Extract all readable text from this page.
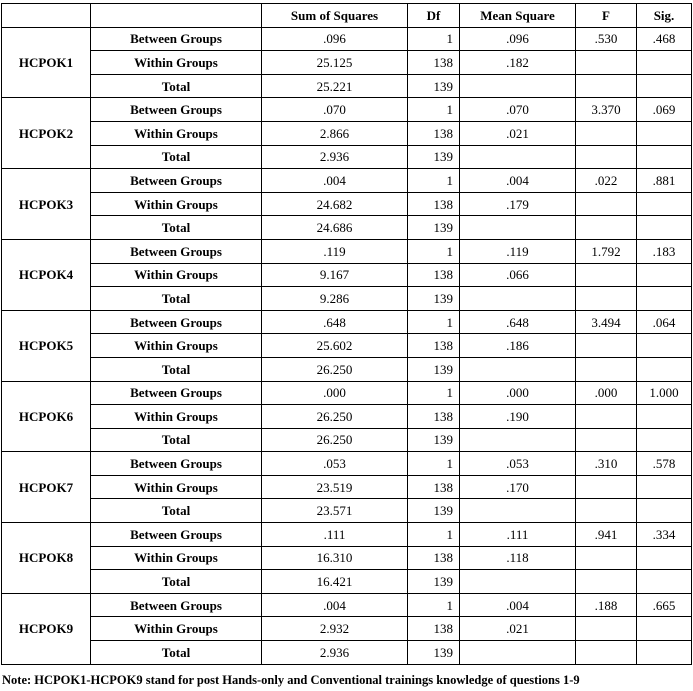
		Sum of Squares	Df	Mean Square	F	Sig.
HCPOK1	Between Groups	.096	1	.096	.530	.468
	Within Groups	25.125	138	.182		
	Total	25.221	139			
HCPOK2	Between Groups	.070	1	.070	3.370	.069
	Within Groups	2.866	138	.021		
	Total	2.936	139			
HCPOK3	Between Groups	.004	1	.004	.022	.881
	Within Groups	24.682	138	.179		
	Total	24.686	139			
HCPOK4	Between Groups	.119	1	.119	1.792	.183
	Within Groups	9.167	138	.066		
	Total	9.286	139			
HCPOK5	Between Groups	.648	1	.648	3.494	.064
	Within Groups	25.602	138	.186		
	Total	26.250	139			
HCPOK6	Between Groups	.000	1	.000	.000	1.000
	Within Groups	26.250	138	.190		
	Total	26.250	139			
HCPOK7	Between Groups	.053	1	.053	.310	.578
	Within Groups	23.519	138	.170		
	Total	23.571	139			
HCPOK8	Between Groups	.111	1	.111	.941	.334
	Within Groups	16.310	138	.118		
	Total	16.421	139			
HCPOK9	Between Groups	.004	1	.004	.188	.665
	Within Groups	2.932	138	.021		
	Total	2.936	139			
Note: HCPOK1-HCPOK9 stand for post Hands-only and Conventional trainings knowledge of questions 1-9
